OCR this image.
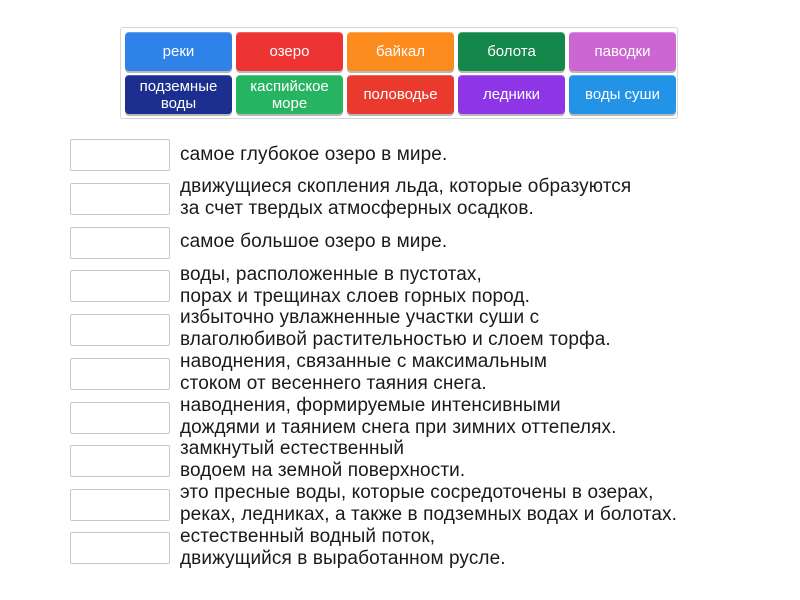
реки	озеро	байкал	болота	паводки
подземные
воды
каспийское
море	половодье	ледники	воды суши
самое глубокое озеро в мире.
движущиеся скопления льда, которые образуются
за счет твердых атмосферных осадков.
самое большое озеро в мире.
воды, расположенные в пустотах,
порах и трещинах слоев горных пород.
избыточно увлажненные участки суши с
влаголюбивой растительностью и слоем торфа.
наводнения, связанные с максимальным
стоком от весеннего таяния снега.
наводнения, формируемые интенсивными
дождями и таянием снега при зимних оттепелях.
замкнутый естественный
водоем на земной поверхности.
это пресные воды, которые сосредоточены в озерах,
реках, ледниках, а также в подземных водах и болотах.
естественный водный поток,
движущийся в выработанном русле.
